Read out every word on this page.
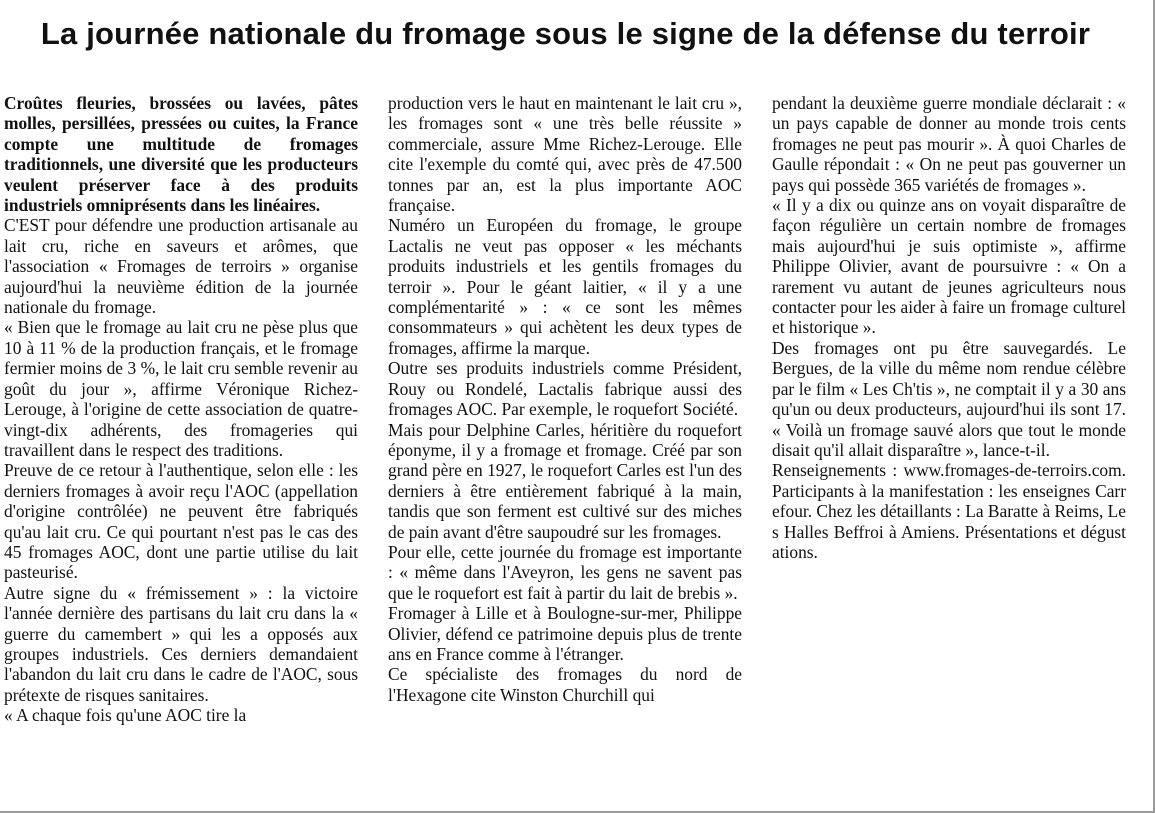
La journée nationale du fromage sous le signe de la défense du terroir

Croûtes fleuries, brossées ou lavées, pâtes molles, persillées, pressées ou cuites, la France compte une multitude de fromages traditionnels, une diversité que les producteurs veulent préserver face à des produits industriels omniprésents dans les linéaires.

C'EST pour défendre une production artisanale au lait cru, riche en saveurs et arômes, que l'association « Fromages de terroirs » organise aujourd'hui la neuvième édition de la journée nationale du fromage.

« Bien que le fromage au lait cru ne pèse plus que 10 à 11 % de la production français, et le fromage fermier moins de 3 %, le lait cru semble revenir au goût du jour », affirme Véronique Richez-Lerouge, à l'origine de cette association de quatre-vingt-dix adhérents, des fromageries qui travaillent dans le respect des traditions.

Preuve de ce retour à l'authentique, selon elle : les derniers fromages à avoir reçu l'AOC (appellation d'origine contrôlée) ne peuvent être fabriqués qu'au lait cru. Ce qui pourtant n'est pas le cas des 45 fromages AOC, dont une partie utilise du lait pasteurisé.

Autre signe du « frémissement » : la victoire l'année dernière des partisans du lait cru dans la « guerre du camembert » qui les a opposés aux groupes industriels. Ces derniers demandaient l'abandon du lait cru dans le cadre de l'AOC, sous prétexte de risques sanitaires.

« A chaque fois qu'une AOC tire la

production vers le haut en maintenant le lait cru », les fromages sont « une très belle réussite » commerciale, assure Mme Richez-Lerouge. Elle cite l'exemple du comté qui, avec près de 47.500 tonnes par an, est la plus importante AOC française.

Numéro un Européen du fromage, le groupe Lactalis ne veut pas opposer « les méchants produits industriels et les gentils fromages du terroir ». Pour le géant laitier, « il y a une complémentarité » : « ce sont les mêmes consommateurs » qui achètent les deux types de fromages, affirme la marque.

Outre ses produits industriels comme Président, Rouy ou Rondelé, Lactalis fabrique aussi des fromages AOC. Par exemple, le roquefort Société.

Mais pour Delphine Carles, héritière du roquefort éponyme, il y a fromage et fromage. Créé par son grand père en 1927, le roquefort Carles est l'un des derniers à être entièrement fabriqué à la main, tandis que son ferment est cultivé sur des miches de pain avant d'être saupoudré sur les fromages.

Pour elle, cette journée du fromage est importante : « même dans l'Aveyron, les gens ne savent pas que le roquefort est fait à partir du lait de brebis ».

Fromager à Lille et à Boulogne-sur-mer, Philippe Olivier, défend ce patrimoine depuis plus de trente ans en France comme à l'étranger.

Ce spécialiste des fromages du nord de l'Hexagone cite Winston Churchill qui

pendant la deuxième guerre mondiale déclarait : « un pays capable de donner au monde trois cents fromages ne peut pas mourir ». À quoi Charles de Gaulle répondait : « On ne peut pas gouverner un pays qui possède 365 variétés de fromages ».

« Il y a dix ou quinze ans on voyait disparaître de façon régulière un certain nombre de fromages mais aujourd'hui je suis optimiste », affirme Philippe Olivier, avant de poursuivre : « On a rarement vu autant de jeunes agriculteurs nous contacter pour les aider à faire un fromage culturel et historique ».

Des fromages ont pu être sauvegardés. Le Bergues, de la ville du même nom rendue célèbre par le film « Les Ch'tis », ne comptait il y a 30 ans qu'un ou deux producteurs, aujourd'hui ils sont 17. « Voilà un fromage sauvé alors que tout le monde disait qu'il allait disparaître », lance-t-il.

Renseignements : www.fromages-de-terroirs.com. Participants à la manifestation : les enseignes Carrefour. Chez les détaillants : La Baratte à Reims, Les Halles Beffroi à Amiens. Présentations et dégustations.
